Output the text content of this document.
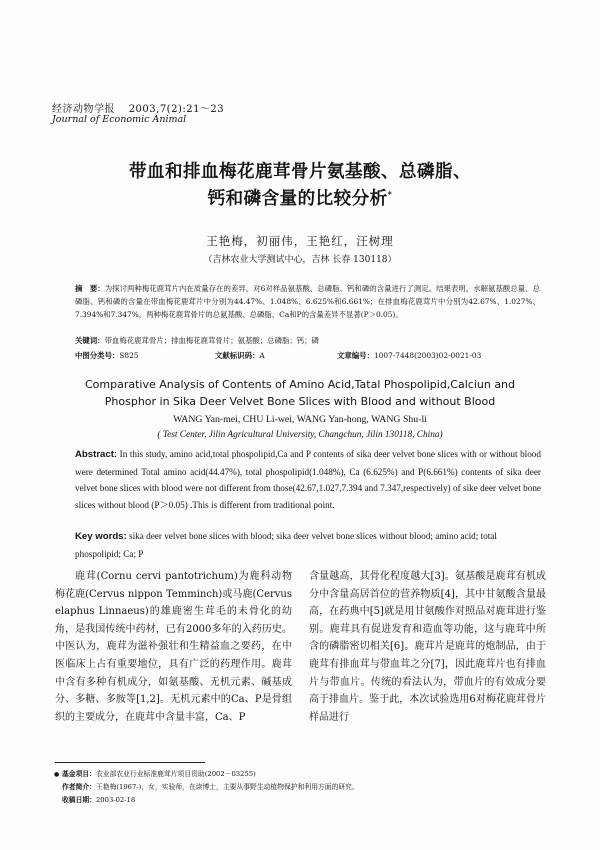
经济动物学报 2003,7(2):21～23
Journal of Economic Animal
带血和排血梅花鹿茸骨片氨基酸、总磷脂、
钙和磷含量的比较分析*
王艳梅，初丽伟，王艳红，汪树理
（吉林农业大学测试中心，吉林 长春 130118）
摘　要：为探讨两种梅花鹿茸片内在质量存在的差异，对6对样品氨基酸、总磷脂、钙和磷的含量进行了测定。结果表明，水解氨基酸总量、总磷脂、钙和磷的含量在带血梅花鹿茸片中分别为44.47%、1.048%、6.625%和6.661%；在排血梅花鹿茸片中分别为42.67%、1.027%、7.394%和7.347%，两种梅花鹿茸骨片的总氨基酸、总磷脂、Ca和P的含量差异不显著(P＞0.05)。
关键词：带血梅花鹿茸骨片；排血梅花鹿茸骨片；氨基酸；总磷脂；钙；磷
中图分类号：S825	文献标识码：A	文章编号：1007-7448(2003)02-0021-03
Comparative Analysis of Contents of Amino Acid,Tatal Phospolipid,Calciun and
Phosphor in Sika Deer Velvet Bone Slices with Blood and without Blood
WANG Yan-mei, CHU Li-wei, WANG Yan-hong, WANG Shu-li
( Test Center, Jilin Agricultural University, Changchun, Jilin 130118, China)
Abstract: In this study, amino acid,total phospolipid,Ca and P contents of sika deer velvet bone slices with or without blood were determined Total amino acid(44.47%), total phospolipid(1.048%), Ca (6.625%) and P(6.661%) contents of sika deer velvet bone slices with blood were not different from those(42.67,1.027,7.394 and 7.347,respectively) of sike deer velvet bone slices without blood (P＞0.05) .This is different from traditional point.
Key words: sika deer velvet bone slices with blood; sika deer velvet bone slices without blood; amino acid; total phospolipid; Ca; P
鹿茸(Cornu cervi pantotrichum)为鹿科动物梅花鹿(Cervus nippon Temminch)或马鹿(Cervus elaphus Linnaeus)的雄鹿密生茸毛的未骨化的幼角，是我国传统中药材，已有2000多年的入药历史。中医认为，鹿茸为滋补强壮和生精益血之要药，在中医临床上占有重要地位，具有广泛的药理作用。鹿茸中含有多种有机成分，如氨基酸、无机元素、碱基成分、多糖、多胺等[1,2]。无机元素中的Ca、P是骨组织的主要成分，在鹿茸中含量丰富，Ca、P
含量越高，其骨化程度越大[3]。氨基酸是鹿茸有机成分中含量高居首位的营养物质[4]，其中甘氨酸含量最高，在药典中[5]就是用甘氨酸作对照品对鹿茸进行鉴别。鹿茸具有促进发育和造血等功能，这与鹿茸中所含的磷脂密切相关[6]。鹿茸片是鹿茸的炮制品，由于鹿茸有排血茸与带血茸之分[7]，因此鹿茸片也有排血片与带血片。传统的看法认为，带血片的有效成分要高于排血片。鉴于此，本次试验选用6对梅花鹿茸骨片样品进行
● 基金项目：农业部农业行业标准鹿茸片项目资助(2002－03255)
作者简介：王艳梅(1967-)，女，实验师，在读博士，主要从事野生动植物保护和利用方面的研究。
收稿日期：2003-02-18
